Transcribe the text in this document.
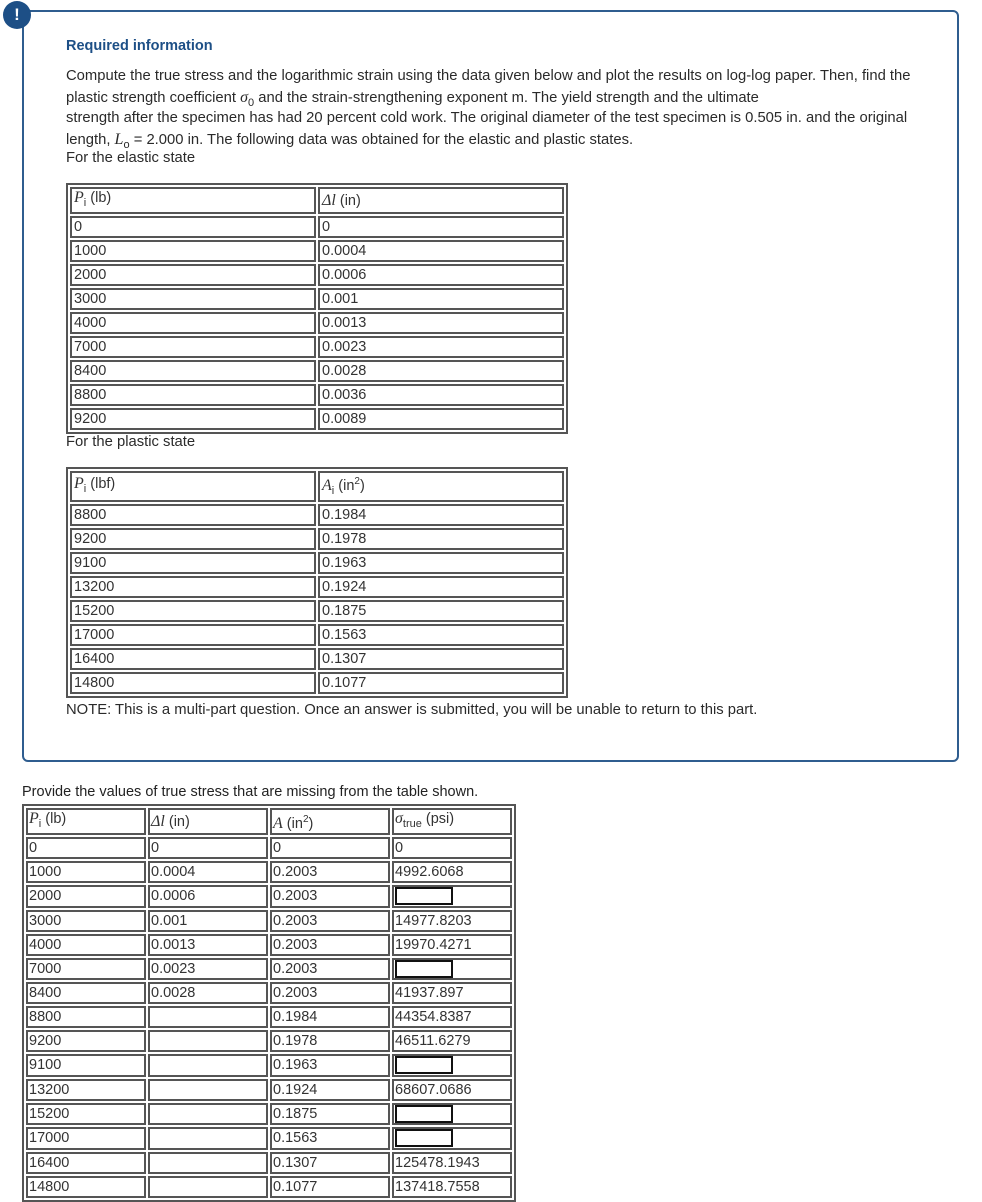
!
Required information
Compute the true stress and the logarithmic strain using the data given below and plot the results on log-log paper. Then, find the plastic strength coefficient $\sigma_0$ and the strain-strengthening exponent m. The yield strength and the ultimate
strength after the specimen has had 20 percent cold work. The original diameter of the test specimen is 0.505 in. and the original length, $L_o = 2.000$ in. The following data was obtained for the elastic and plastic states.
For the elastic state
$P_i$ (lb)	Δl (in)
0	0
1000	0.0004
2000	0.0006
3000	0.001
4000	0.0013
7000	0.0023
8400	0.0028
8800	0.0036
9200	0.0089
For the plastic state
$P_i$ (lbf)	$A_i$ $(in^2)$
8800	0.1984
9200	0.1978
9100	0.1963
13200	0.1924
15200	0.1875
17000	0.1563
16400	0.1307
14800	0.1077
NOTE: This is a multi-part question. Once an answer is submitted, you will be unable to return to this part.
Provide the values of true stress that are missing from the table shown.
$P_i$ (lb)	Δl (in)	A $(in^2)$	$\sigma_{true}$ (psi)
0	0	0	0
1000	0.0004	0.2003	4992.6068
2000	0.0006	0.2003	
3000	0.001	0.2003	14977.8203
4000	0.0013	0.2003	19970.4271
7000	0.0023	0.2003	
8400	0.0028	0.2003	41937.897
8800		0.1984	44354.8387
9200		0.1978	46511.6279
9100		0.1963	
13200		0.1924	68607.0686
15200		0.1875	
17000		0.1563	
16400		0.1307	125478.1943
14800		0.1077	137418.7558
